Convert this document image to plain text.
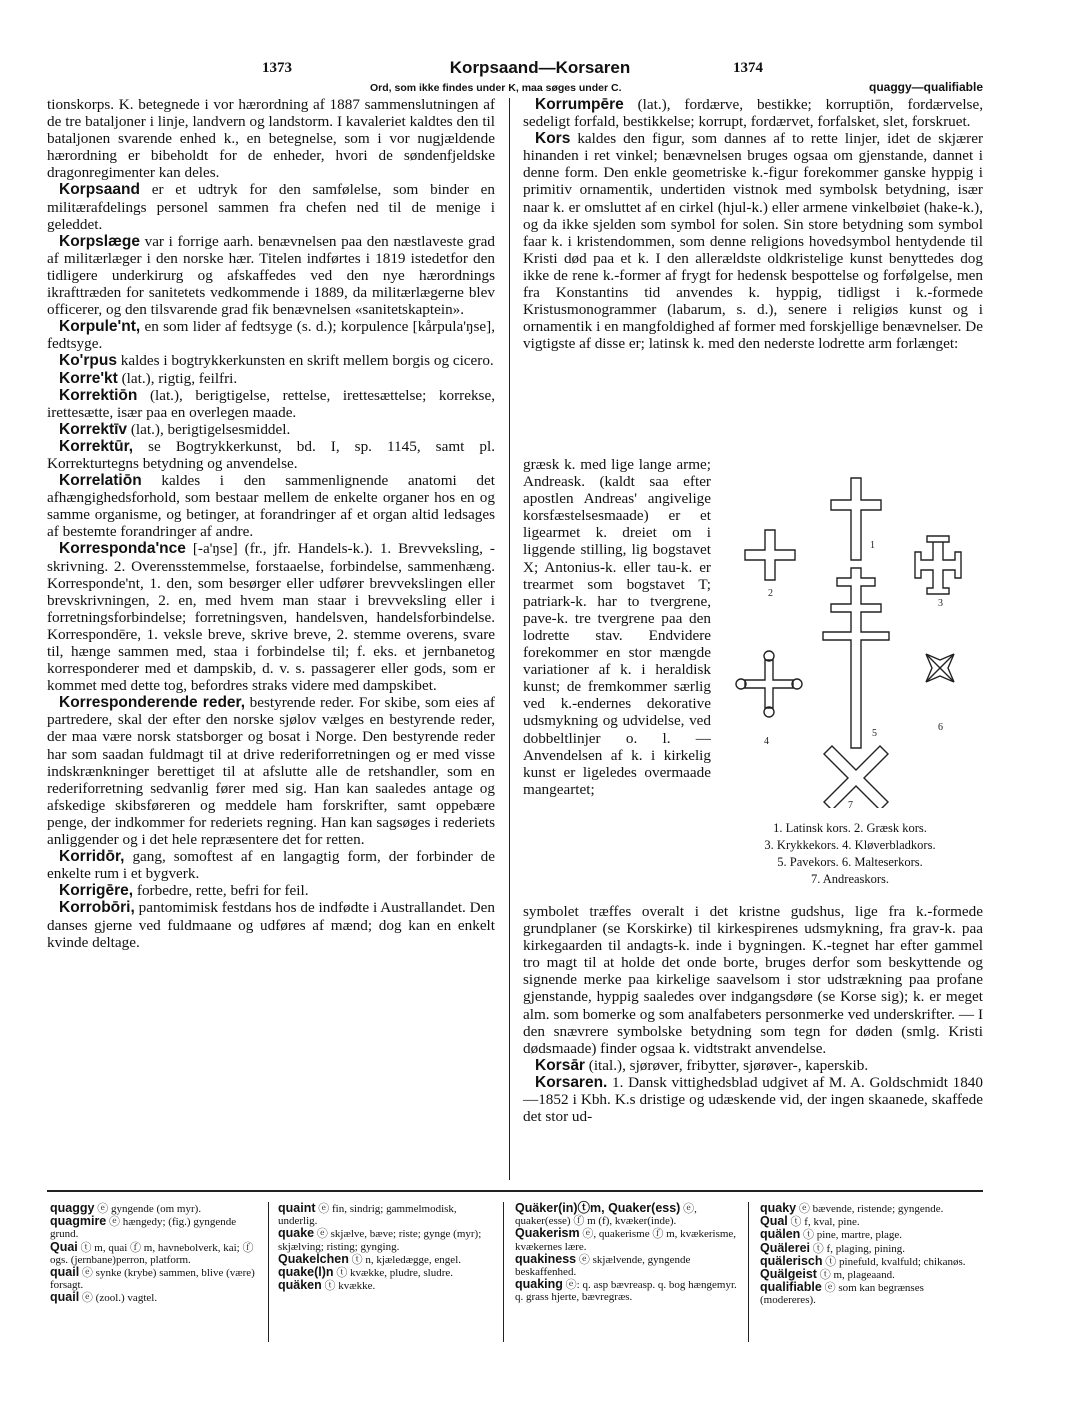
1373	Korpsaand—Korsaren	1374
Ord, som ikke findes under K, maa søges under C.	quaggy—qualifiable

tionskorps. K. betegnede i vor hærordning af 1887 sammenslutningen af de tre bataljoner i linje, landvern og landstorm. I kavaleriet kaldtes den til bataljonen svarende enhed k., en betegnelse, som i vor nugjældende hærordning er bibeholdt for de enheder, hvori de søndenfjeldske dragonregimenter kan deles.

Korpsaand er et udtryk for den samfølelse, som binder en militærafdelings personel sammen fra chefen ned til de menige i geleddet.

Korpslæge var i forrige aarh. benævnelsen paa den næstlaveste grad af militærlæger i den norske hær. Titelen indførtes i 1819 istedetfor den tidligere underkirurg og afskaffedes ved den nye hærordnings ikrafttræden for sanitetets vedkommende i 1889, da militærlægerne blev officerer, og den tilsvarende grad fik benævnelsen «sanitetskaptein».

Korpule'nt, en som lider af fedtsyge (s. d.); korpulence [kårpula'ŋse], fedtsyge.

Ko'rpus kaldes i bogtrykkerkunsten en skrift mellem borgis og cicero.

Korre'kt (lat.), rigtig, feilfri.

Korrektiōn (lat.), berigtigelse, rettelse, irettesættelse; korrekse, irettesætte, især paa en overlegen maade.

Korrektīv (lat.), berigtigelsesmiddel.

Korrektūr, se Bogtrykkerkunst, bd. I, sp. 1145, samt pl. Korrekturtegns betydning og anvendelse.

Korrelatiōn kaldes i den sammenlignende anatomi det afhængighedsforhold, som bestaar mellem de enkelte organer hos en og samme organisme, og betinger, at forandringer af et organ altid ledsages af bestemte forandringer af andre.

Korresponda'nce [-a'ŋse] (fr., jfr. Handels-k.). 1. Brevveksling, -skrivning. 2. Overensstemmelse, forstaaelse, forbindelse, sammenhæng. Korresponde'nt, 1. den, som besørger eller udfører brevvekslingen eller brevskrivningen, 2. en, med hvem man staar i brevveksling eller i forretningsforbindelse; forretningsven, handelsven, handelsforbindelse. Korrespondēre, 1. veksle breve, skrive breve, 2. stemme overens, svare til, hænge sammen med, staa i forbindelse til; f. eks. et jernbanetog korresponderer med et dampskib, d. v. s. passagerer eller gods, som er kommet med dette tog, befordres straks videre med dampskibet.

Korresponderende reder, bestyrende reder. For skibe, som eies af partredere, skal der efter den norske sjølov vælges en bestyrende reder, der maa være norsk statsborger og bosat i Norge. Den bestyrende reder har som saadan fuldmagt til at drive rederiforretningen og er med visse indskrænkninger berettiget til at afslutte alle de retshandler, som en rederiforretning sedvanlig fører med sig. Han kan saaledes antage og afskedige skibsføreren og meddele ham forskrifter, samt oppebære penge, der indkommer for rederiets regning. Han kan sagsøges i rederiets anliggender og i det hele repræsentere det for retten.

Korridōr, gang, somoftest af en langagtig form, der forbinder de enkelte rum i et bygverk.

Korrigēre, forbedre, rette, befri for feil.

Korrobōri, pantomimisk festdans hos de indfødte i Australlandet. Den danses gjerne ved fuldmaane og udføres af mænd; dog kan en enkelt kvinde deltage.

Korrumpēre (lat.), fordærve, bestikke; korruptiōn, fordærvelse, sedeligt forfald, bestikkelse; korrupt, fordærvet, forfalsket, slet, forskruet.

Kors kaldes den figur, som dannes af to rette linjer, idet de skjærer hinanden i ret vinkel; benævnelsen bruges ogsaa om gjenstande, dannet i denne form. Den enkle geometriske k.-figur forekommer ganske hyppig i primitiv ornamentik, undertiden vistnok med symbolsk betydning, især naar k. er omsluttet af en cirkel (hjul-k.) eller armene vinkelbøiet (hake-k.), og da ikke sjelden som symbol for solen. Sin store betydning som symbol faar k. i kristendommen, som denne religions hovedsymbol hentydende til Kristi død paa et k. I den allerældste oldkristelige kunst benyttedes dog ikke de rene k.-former af frygt for hedensk bespottelse og forfølgelse, men fra Konstantins tid anvendes k. hyppig, tidligst i k.-formede Kristusmonogrammer (labarum, s. d.), senere i religiøs kunst og i ornamentik i en mangfoldighed af former med forskjellige benævnelser. De vigtigste af disse er; latinsk k. med den nederste lodrette arm forlænget:

græsk k. med lige lange arme; Andreask. (kaldt saa efter apostlen Andreas' angivelige korsfæstelsesmaade) er et ligearmet k. dreiet om i liggende stilling, lig bogstavet X; Antonius-k. eller tau-k. er trearmet som bogstavet T; patriark-k. har to tvergrene, pave-k. tre tvergrene paa den lodrette stav. Endvidere forekommer en stor mængde variationer af k. i heraldisk kunst; de fremkommer særlig ved k.-endernes dekorative udsmykning og udvidelse, ved dobbeltlinjer o. l. — Anvendelsen af k. i kirkelig kunst er ligeledes overmaade mangeartet;

1
2
3
4
5
6
7
1. Latinsk kors. 2. Græsk kors.
3. Krykkekors. 4. Kløverbladkors.
5. Pavekors. 6. Malteserkors.
7. Andreaskors.

symbolet træffes overalt i det kristne gudshus, lige fra k.-formede grundplaner (se Korskirke) til kirkespirenes udsmykning, fra grav-k. paa kirkegaarden til andagts-k. inde i bygningen. K.-tegnet har efter gammel tro magt til at holde det onde borte, bruges derfor som beskyttende og signende merke paa kirkelige saavelsom i stor udstrækning paa profane gjenstande, hyppig saaledes over indgangsdøre (se Korse sig); k. er meget alm. som bomerke og som analfabeters personmerke ved underskrifter. — I den snævrere symbolske betydning som tegn for døden (smlg. Kristi dødsmaade) finder ogsaa k. vidtstrakt anvendelse.

Korsār (ital.), sjørøver, fribytter, sjørøver-, kaperskib.

Korsaren. 1. Dansk vittighedsblad udgivet af M. A. Goldschmidt 1840—1852 i Kbh. K.s dristige og udæskende vid, der ingen skaanede, skaffede det stor ud-

quaggy ⓔ gyngende (om myr).

quagmire ⓔ hængedy; (fig.) gyngende grund.

Quai ⓣ m, quai ⓕ m, havnebolverk, kai; ⓕ ogs. (jernbane)perron, platform.

quail ⓔ synke (krybe) sammen, blive (være) forsagt.

quail ⓔ (zool.) vagtel.

quaint ⓔ fin, sindrig; gammelmodisk, underlig.

quake ⓔ skjælve, bæve; riste; gynge (myr); skjælving; risting; gynging.

Quakelchen ⓣ n, kjæledægge, engel.

quake(l)n ⓣ kvække, pludre, sludre.

quäken ⓣ kvække.

Quäker(in)ⓣm, Quaker(ess) ⓔ, quaker(esse) ⓕ m (f), kvæker(inde).

Quakerism ⓔ, quakerisme ⓕ m, kvækerisme, kvækernes lære.

quakiness ⓔ skjælvende, gyngende beskaffenhed.

quaking ⓔ: q. asp bævreasp. q. bog hængemyr. q. grass hjerte, bævregræs.

quaky ⓔ bævende, ristende; gyngende.

Qual ⓣ f, kval, pine.

quälen ⓣ pine, martre, plage.

Quälerei ⓣ f, plaging, pining.

quälerisch ⓣ pinefuld, kvalfuld; chikanøs.

Quälgeist ⓣ m, plageaand.

qualifiable ⓔ som kan begrænses (modereres).
